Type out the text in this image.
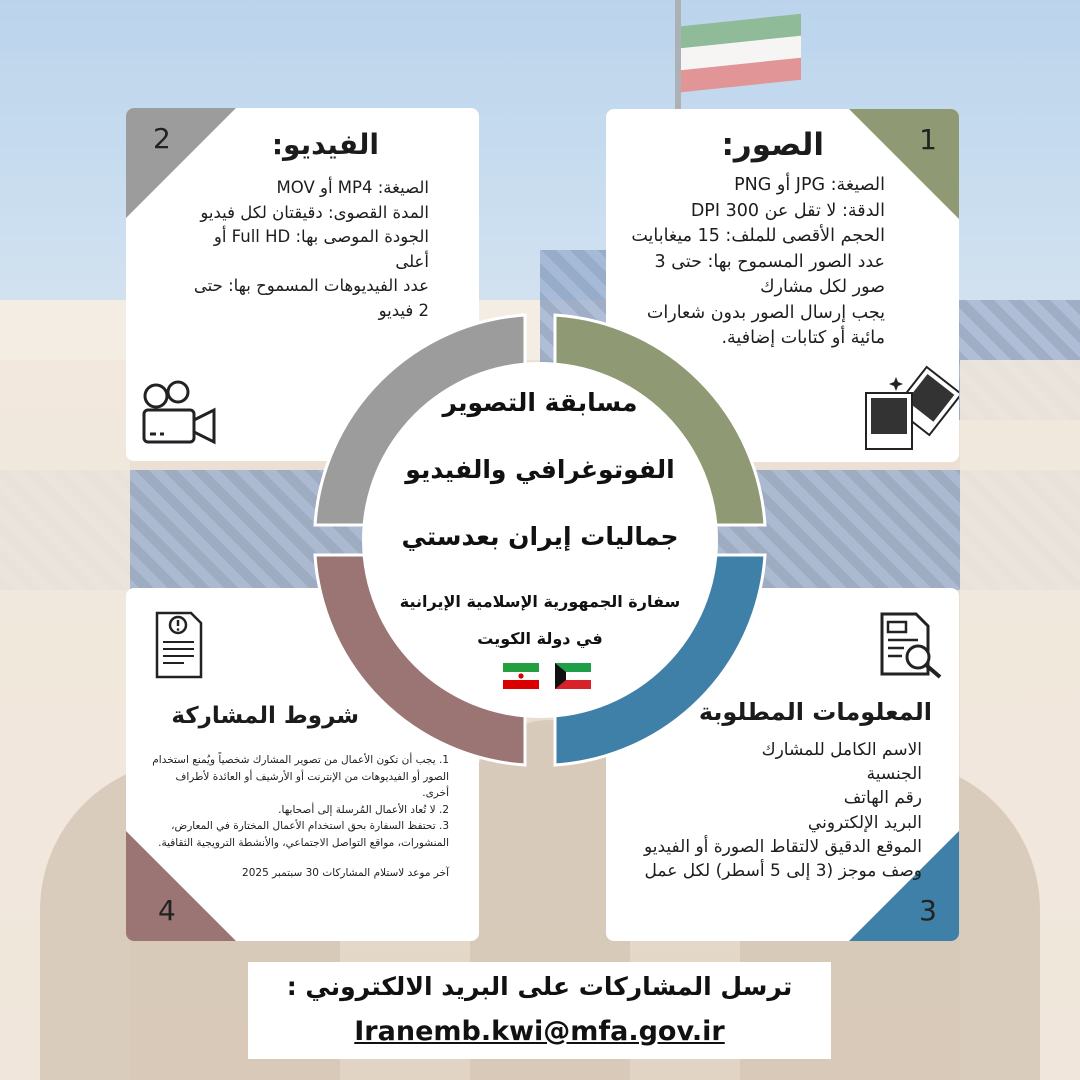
1
الصور:

الصيغة: JPG أو PNG

الدقة: لا تقل عن 300 DPI

الحجم الأقصى للملف: 15 ميغابايت

عدد الصور المسموح بها: حتى 3 صور لكل مشارك

يجب إرسال الصور بدون شعارات مائية أو كتابات إضافية.

2	الفيديو:

الصيغة: MP4 أو MOV

المدة القصوى: دقيقتان لكل فيديو

الجودة الموصى بها: Full HD أو أعلى

عدد الفيديوهات المسموح بها: حتى 2 فيديو

3
المعلومات المطلوبة

الاسم الكامل للمشارك

الجنسية

رقم الهاتف

البريد الإلكتروني

الموقع الدقيق لالتقاط الصورة أو الفيديو

وصف موجز (3 إلى 5 أسطر) لكل عمل

4
شروط المشاركة

1. يجب أن تكون الأعمال من تصوير المشارك شخصياً ويُمنع استخدام الصور أو الفيديوهات من الإنترنت أو الأرشيف أو العائدة لأطراف أخرى.

2. لا تُعاد الأعمال المُرسلة إلى أصحابها.

3. تحتفظ السفارة بحق استخدام الأعمال المختارة في المعارض، المنشورات، مواقع التواصل الاجتماعي، والأنشطة الترويجية الثقافية.

آخر موعد لاستلام المشاركات 30 سبتمبر 2025

مسابقة التصوير
الفوتوغرافي والفيديو
جماليات إيران بعدستي
سفارة الجمهورية الإسلامية الإيرانية
في دولة الكويت
ترسل المشاركات على البريد الالكتروني :
Iranemb.kwi@mfa.gov.ir
